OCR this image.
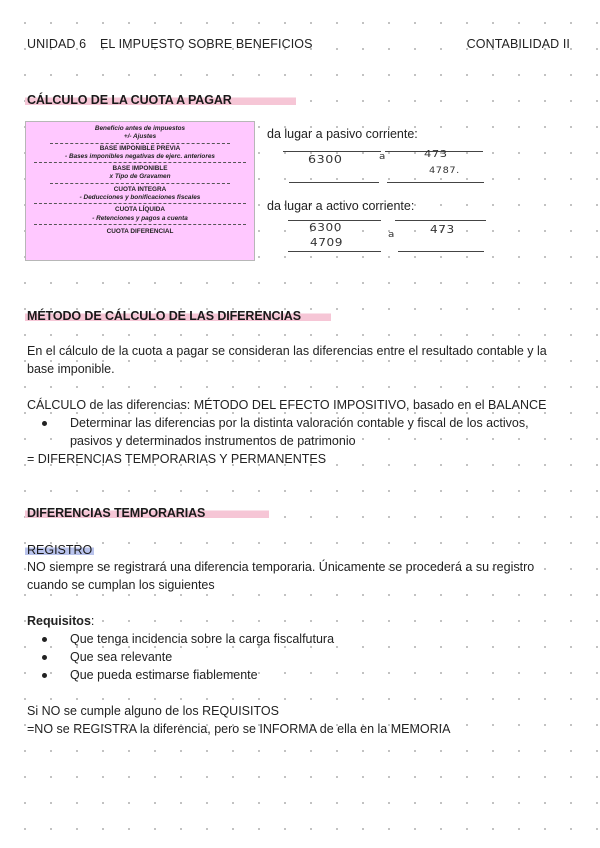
UNIDAD 6 EL IMPUESTO SOBRE BENEFICIOS	CONTABILIDAD II
CÁLCULO DE LA CUOTA A PAGAR
Beneficio antes de impuestos
+/- Ajustes
BASE IMPONIBLE PREVIA
- Bases imponibles negativas de ejerc. anteriores
BASE IMPONIBLE
x Tipo de Gravamen
CUOTA INTEGRA
- Deducciones y bonificaciones fiscales
CUOTA LÍQUIDA
- Retenciones y pagos a cuenta
CUOTA DIFERENCIAL
da lugar a pasivo corriente:
6300	a	473
4787.
da lugar a activo corriente:
6300
a	473
4709
MÉTODO DE CÁLCULO DE LAS DIFERENCIAS
En el cálculo de la cuota a pagar se consideran las diferencias entre el resultado contable y la base imponible.
CÁLCULO de las diferencias: MÉTODO DEL EFECTO IMPOSITIVO, basado en el BALANCE
Determinar las diferencias por la distinta valoración contable y fiscal de los activos, pasivos y determinados instrumentos de patrimonio
= DIFERENCIAS TEMPORARIAS Y PERMANENTES
DIFERENCIAS TEMPORARIAS
REGISTRO
NO siempre se registrará una diferencia temporaria. Únicamente se procederá a su registro cuando se cumplan los siguientes
Requisitos:
Que tenga incidencia sobre la carga fiscalfutura
Que sea relevante
Que pueda estimarse fiablemente
Si NO se cumple alguno de los REQUISITOS
=NO se REGISTRA la diferencia, pero se INFORMA de ella en la MEMORIA
